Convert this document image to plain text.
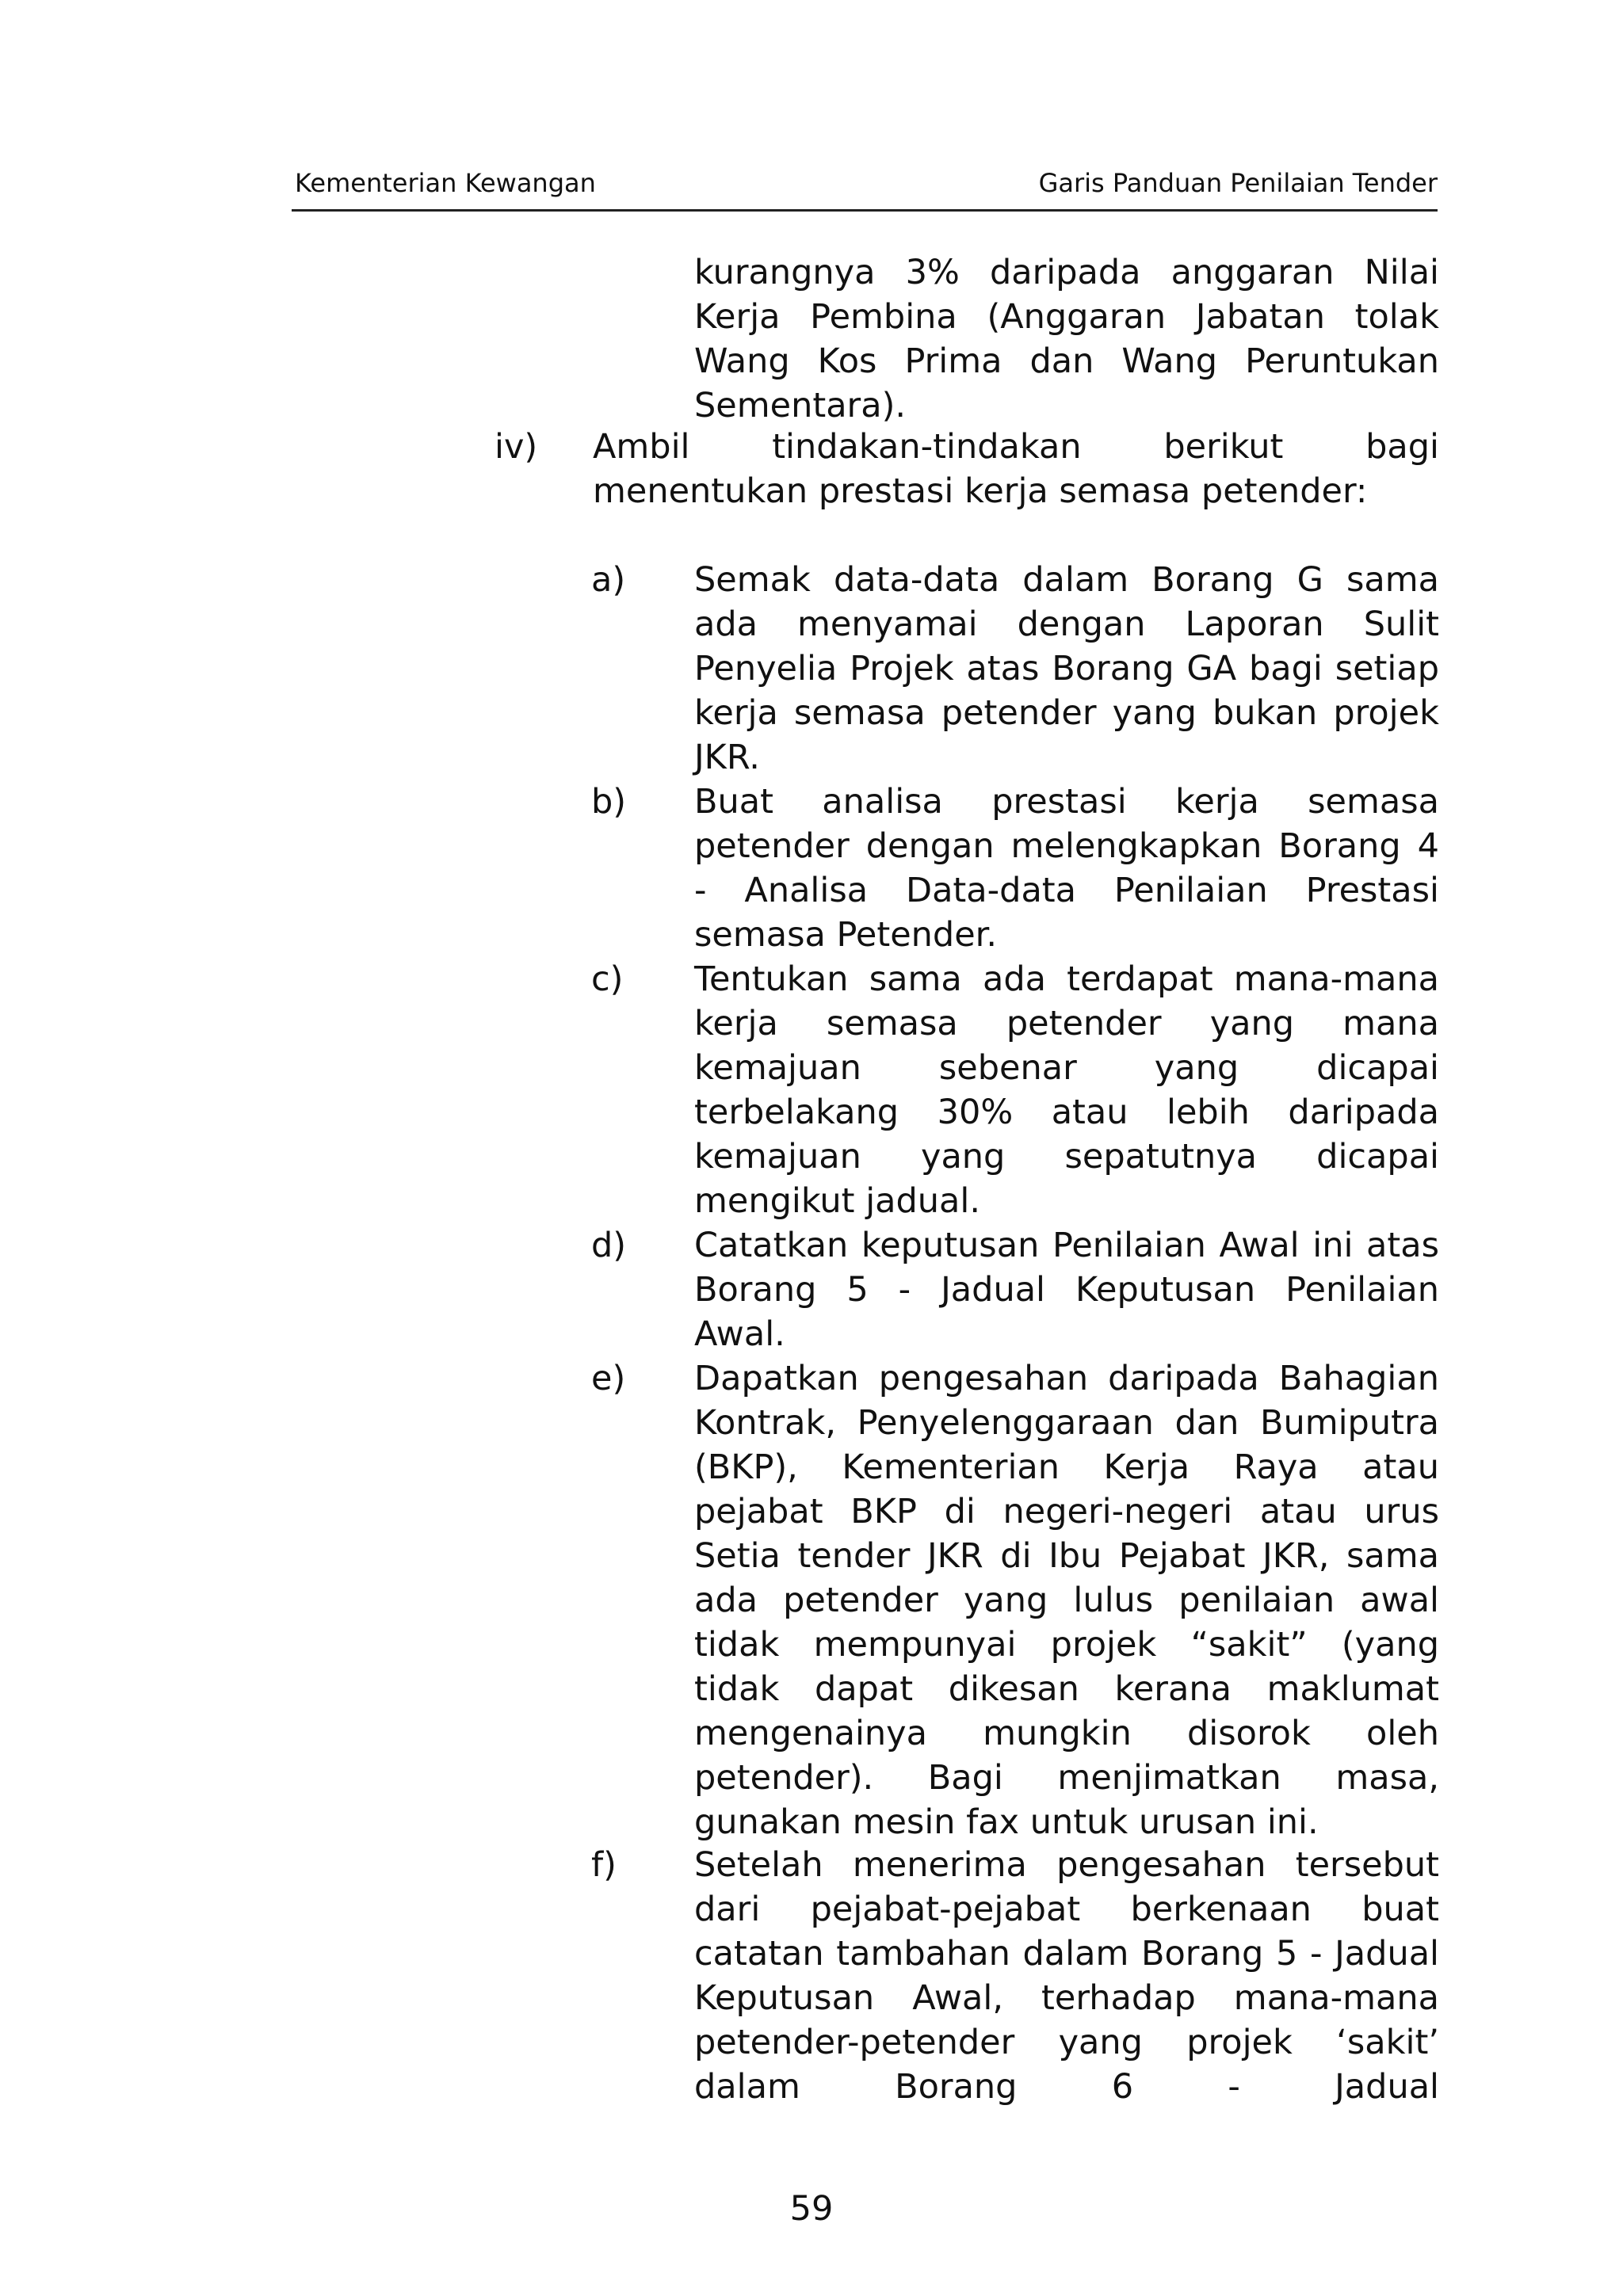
Kementerian Kewangan	Garis Panduan Penilaian Tender

kurangnya 3% daripada anggaran Nilai Kerja Pembina (Anggaran Jabatan tolak Wang Kos Prima dan Wang Peruntukan Sementara).

iv) Ambil tindakan-tindakan berikut bagi menentukan prestasi kerja semasa petender:

a) Semak data-data dalam Borang G sama ada menyamai dengan Laporan Sulit Penyelia Projek atas Borang GA bagi setiap kerja semasa petender yang bukan projek JKR.

b) Buat analisa prestasi kerja semasa petender dengan melengkapkan Borang 4 - Analisa Data-data Penilaian Prestasi semasa Petender.

c) Tentukan sama ada terdapat mana-mana kerja semasa petender yang mana kemajuan sebenar yang dicapai terbelakang 30% atau lebih daripada kemajuan yang sepatutnya dicapai mengikut jadual.

d) Catatkan keputusan Penilaian Awal ini atas Borang 5 - Jadual Keputusan Penilaian Awal.

e) Dapatkan pengesahan daripada Bahagian Kontrak, Penyelenggaraan dan Bumiputra (BKP), Kementerian Kerja Raya atau pejabat BKP di negeri-negeri atau urus Setia tender JKR di Ibu Pejabat JKR, sama ada petender yang lulus penilaian awal tidak mempunyai projek “sakit” (yang tidak dapat dikesan kerana maklumat mengenainya mungkin disorok oleh petender). Bagi menjimatkan masa, gunakan mesin fax untuk urusan ini.

f) Setelah menerima pengesahan tersebut dari pejabat-pejabat berkenaan buat catatan tambahan dalam Borang 5 - Jadual Keputusan Awal, terhadap mana-mana petender-petender yang projek ‘sakit’ dalam Borang 6 - Jadual

59
